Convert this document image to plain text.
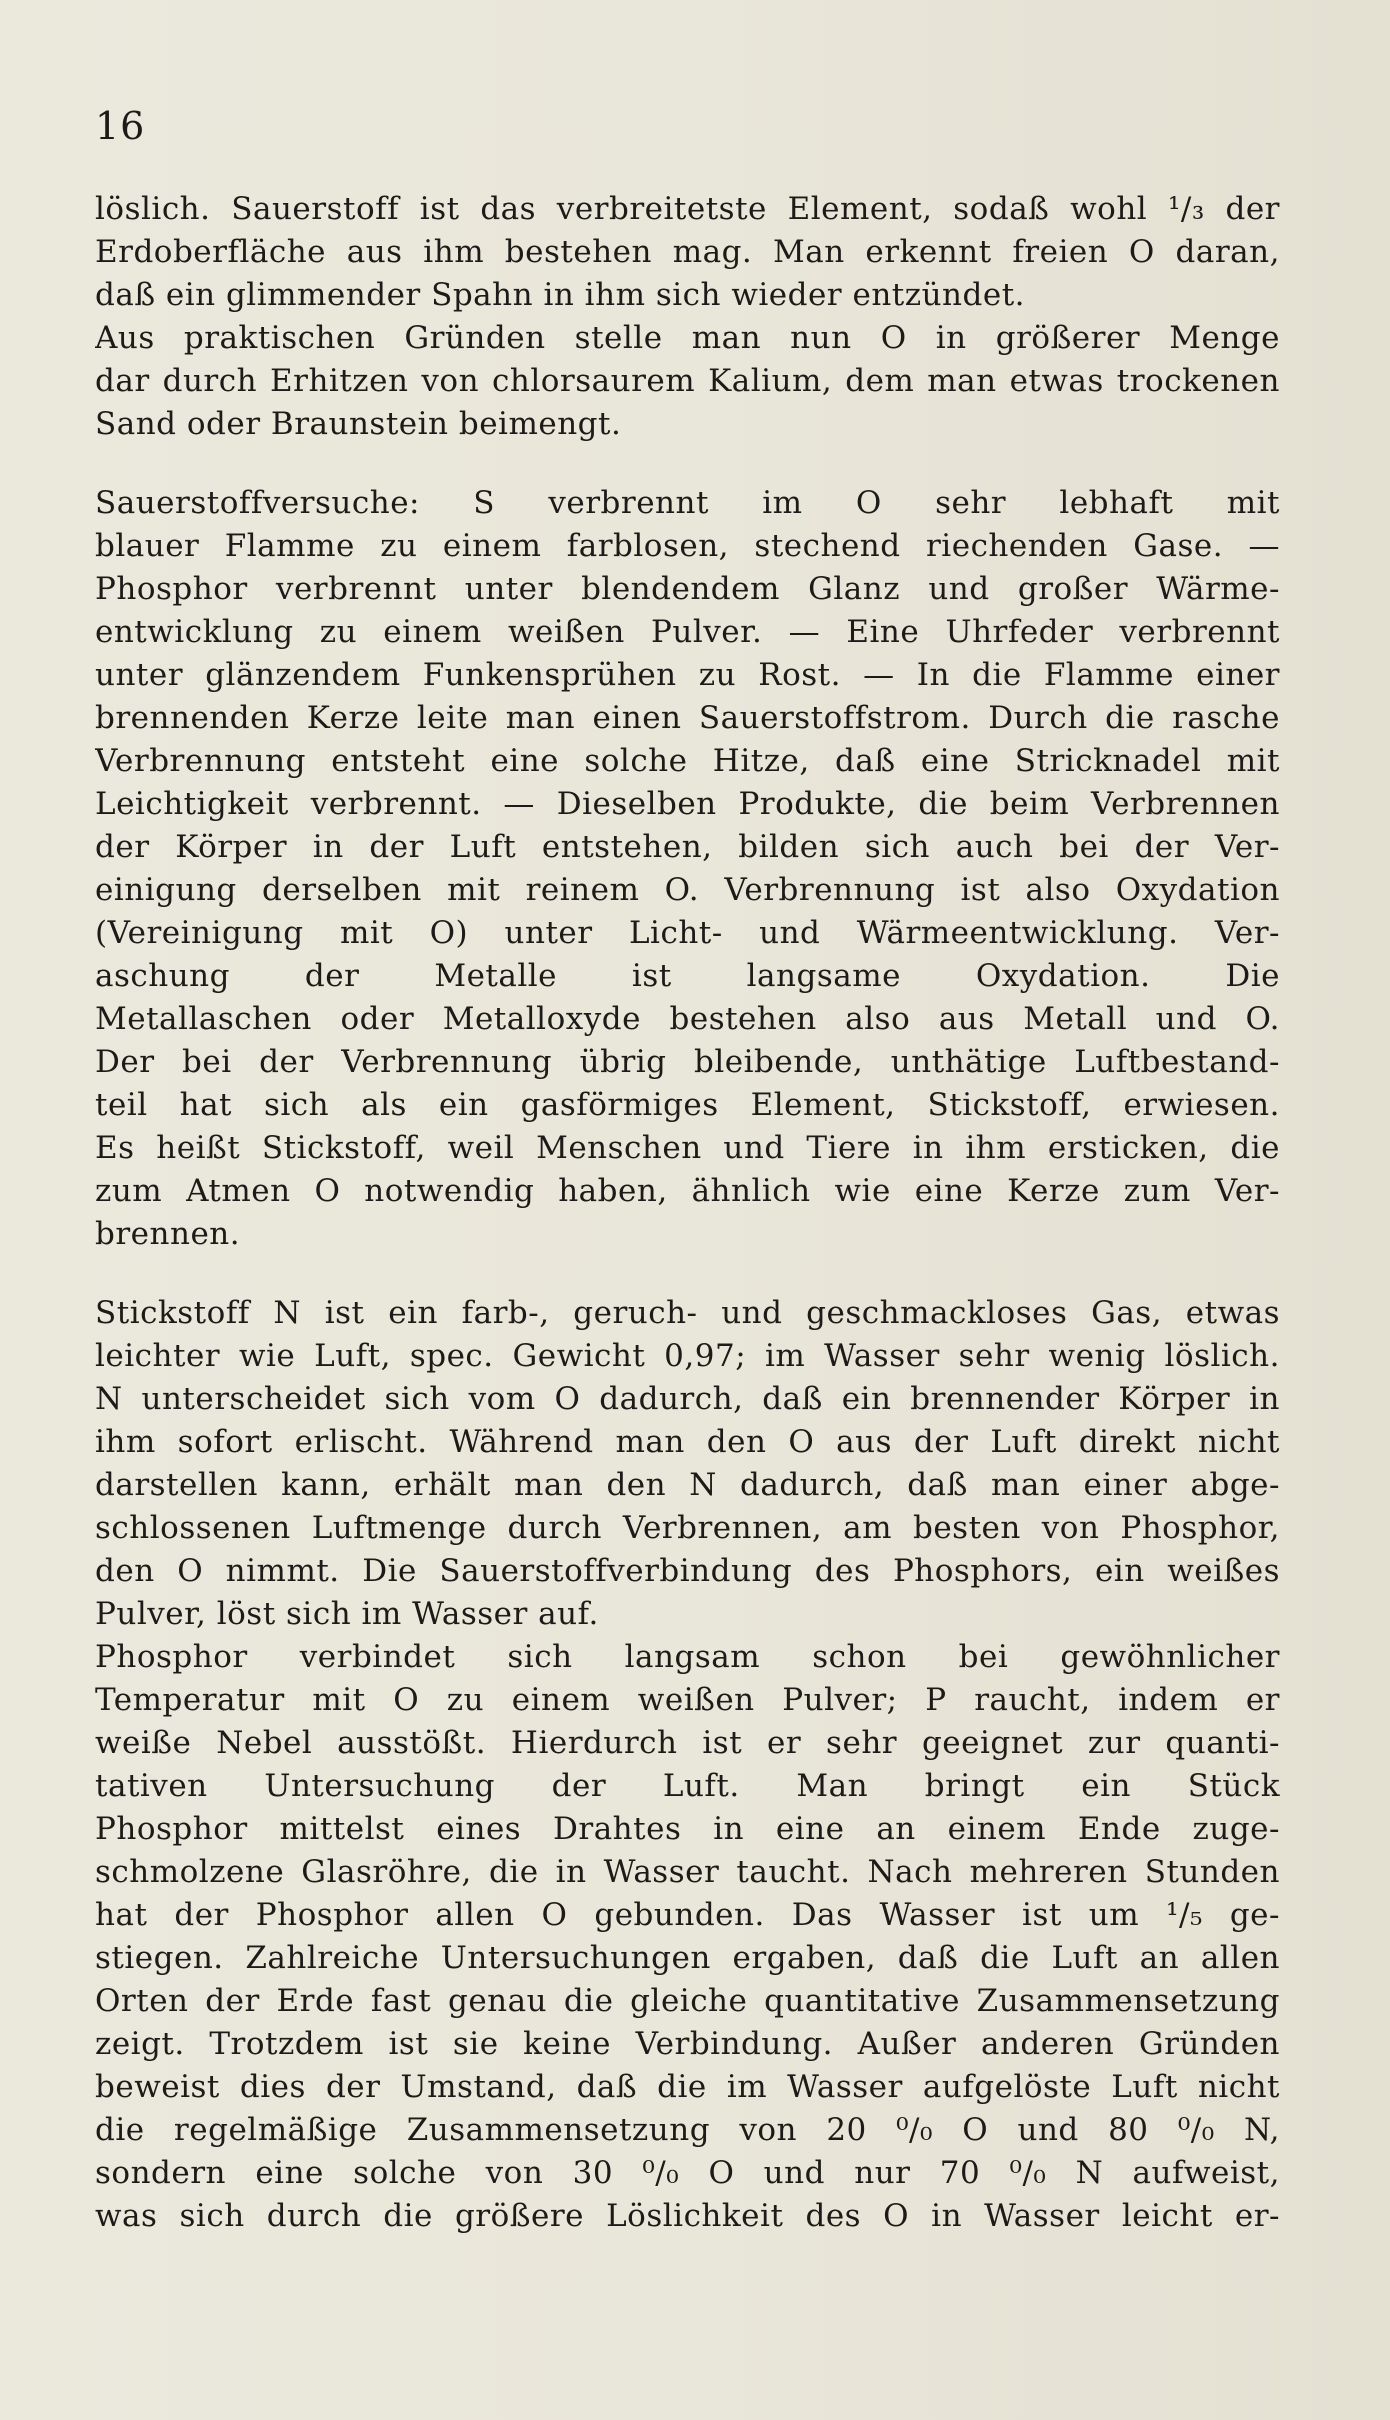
16
löslich. Sauerstoff ist das verbreitetste Element, sodaß wohl ¹/₃ der
Erdoberfläche aus ihm bestehen mag. Man erkennt freien O daran,
daß ein glimmender Spahn in ihm sich wieder entzündet.
Aus praktischen Gründen stelle man nun O in größerer Menge
dar durch Erhitzen von chlorsaurem Kalium, dem man etwas trockenen
Sand oder Braunstein beimengt.
Sauerstoffversuche: S verbrennt im O sehr lebhaft mit
blauer Flamme zu einem farblosen, stechend riechenden Gase. —
Phosphor verbrennt unter blendendem Glanz und großer Wärme-
entwicklung zu einem weißen Pulver. — Eine Uhrfeder verbrennt
unter glänzendem Funkensprühen zu Rost. — In die Flamme einer
brennenden Kerze leite man einen Sauerstoffstrom. Durch die rasche
Verbrennung entsteht eine solche Hitze, daß eine Stricknadel mit
Leichtigkeit verbrennt. — Dieselben Produkte, die beim Verbrennen
der Körper in der Luft entstehen, bilden sich auch bei der Ver-
einigung derselben mit reinem O. Verbrennung ist also Oxydation
(Vereinigung mit O) unter Licht- und Wärmeentwicklung. Ver-
aschung der Metalle ist langsame Oxydation. Die
Metallaschen oder Metalloxyde bestehen also aus Metall und O.
Der bei der Verbrennung übrig bleibende, unthätige Luftbestand-
teil hat sich als ein gasförmiges Element, Stickstoff, erwiesen.
Es heißt Stickstoff, weil Menschen und Tiere in ihm ersticken, die
zum Atmen O notwendig haben, ähnlich wie eine Kerze zum Ver-
brennen.
Stickstoff N ist ein farb-, geruch- und geschmackloses Gas, etwas
leichter wie Luft, spec. Gewicht 0,97; im Wasser sehr wenig löslich.
N unterscheidet sich vom O dadurch, daß ein brennender Körper in
ihm sofort erlischt. Während man den O aus der Luft direkt nicht
darstellen kann, erhält man den N dadurch, daß man einer abge-
schlossenen Luftmenge durch Verbrennen, am besten von Phosphor,
den O nimmt. Die Sauerstoffverbindung des Phosphors, ein weißes
Pulver, löst sich im Wasser auf.
Phosphor verbindet sich langsam schon bei gewöhnlicher
Temperatur mit O zu einem weißen Pulver; P raucht, indem er
weiße Nebel ausstößt. Hierdurch ist er sehr geeignet zur quanti-
tativen Untersuchung der Luft. Man bringt ein Stück
Phosphor mittelst eines Drahtes in eine an einem Ende zuge-
schmolzene Glasröhre, die in Wasser taucht. Nach mehreren Stunden
hat der Phosphor allen O gebunden. Das Wasser ist um ¹/₅ ge-
stiegen. Zahlreiche Untersuchungen ergaben, daß die Luft an allen
Orten der Erde fast genau die gleiche quantitative Zusammensetzung
zeigt. Trotzdem ist sie keine Verbindung. Außer anderen Gründen
beweist dies der Umstand, daß die im Wasser aufgelöste Luft nicht
die regelmäßige Zusammensetzung von 20 ⁰/₀ O und 80 ⁰/₀ N,
sondern eine solche von 30 ⁰/₀ O und nur 70 ⁰/₀ N aufweist,
was sich durch die größere Löslichkeit des O in Wasser leicht er-
